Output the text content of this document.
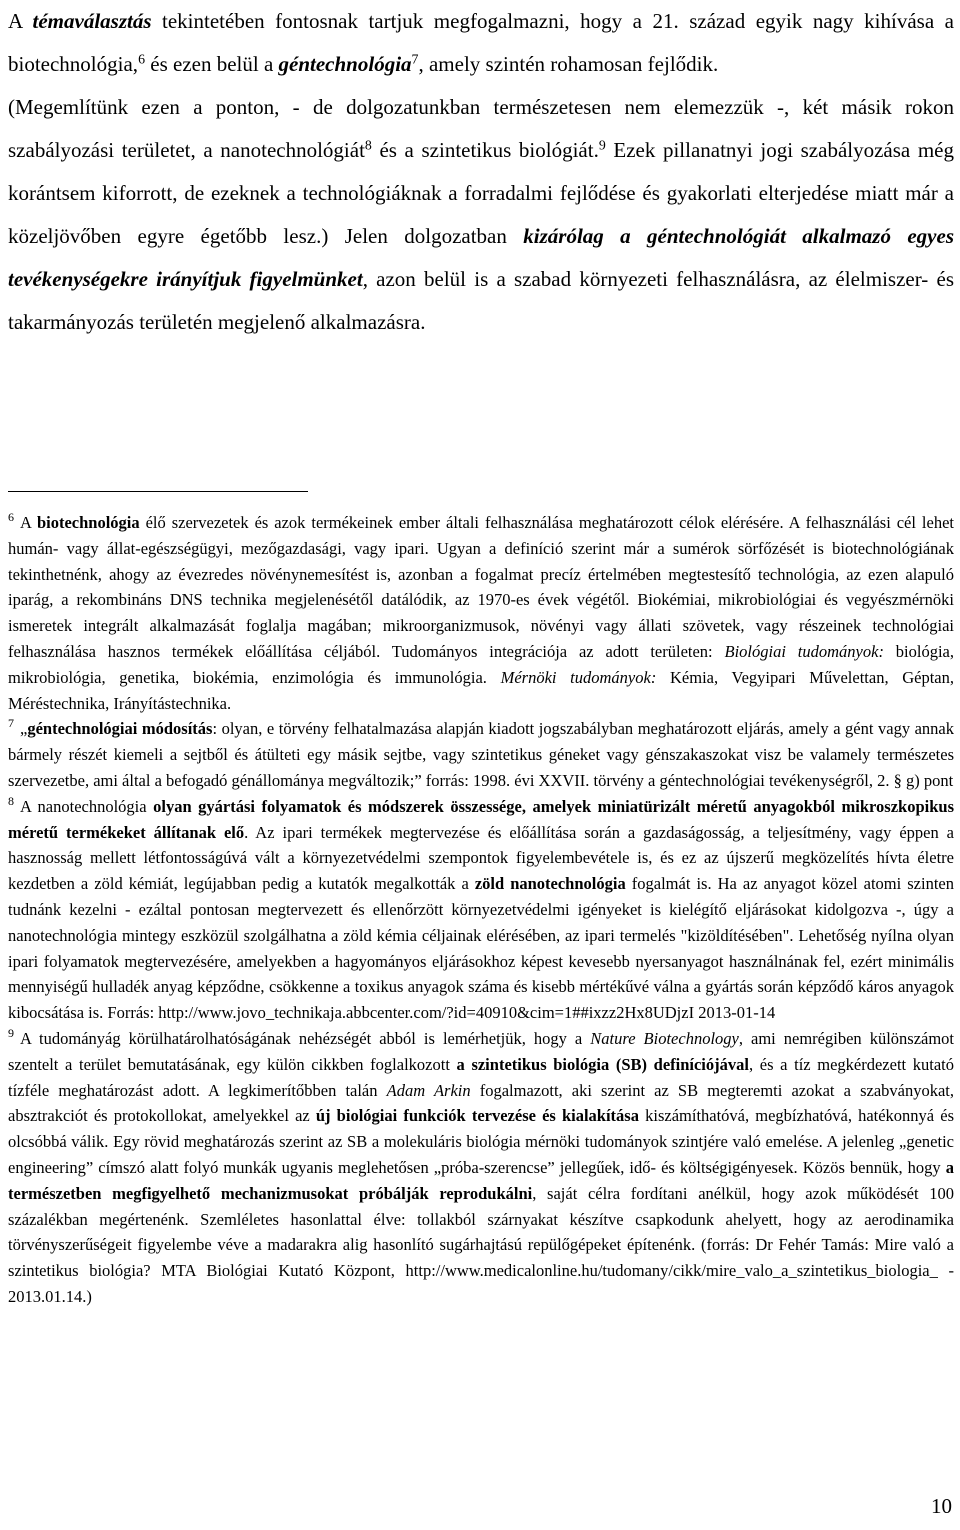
A témaválasztás tekintetében fontosnak tartjuk megfogalmazni, hogy a 21. század egyik nagy kihívása a biotechnológia,$^6$ és ezen belül a géntechnológia$^7$, amely szintén rohamosan fejlődik.

(Megemlítünk ezen a ponton, - de dolgozatunkban természetesen nem elemezzük -, két másik rokon szabályozási területet, a nanotechnológiát$^8$ és a szintetikus biológiát.$^9$ Ezek pillanatnyi jogi szabályozása még korántsem kiforrott, de ezeknek a technológiáknak a forradalmi fejlődése és gyakorlati elterjedése miatt már a közeljövőben egyre égetőbb lesz.) Jelen dolgozatban kizárólag a géntechnológiát alkalmazó egyes tevékenységekre irányítjuk figyelmünket, azon belül is a szabad környezeti felhasználásra, az élelmiszer- és takarmányozás területén megjelenő alkalmazásra.

$^6$ A biotechnológia élő szervezetek és azok termékeinek ember általi felhasználása meghatározott célok elérésére. A felhasználási cél lehet humán- vagy állat-egészségügyi, mezőgazdasági, vagy ipari. Ugyan a definíció szerint már a sumérok sörfőzését is biotechnológiának tekinthetnénk, ahogy az évezredes növénynemesítést is, azonban a fogalmat precíz értelmében megtestesítő technológia, az ezen alapuló iparág, a rekombináns DNS technika megjelenésétől datálódik, az 1970-es évek végétől. Biokémiai, mikrobiológiai és vegyészmérnöki ismeretek integrált alkalmazását foglalja magában; mikroorganizmusok, növényi vagy állati szövetek, vagy részeinek technológiai felhasználása hasznos termékek előállítása céljából. Tudományos integrációja az adott területen: Biológiai tudományok: biológia, mikrobiológia, genetika, biokémia, enzimológia és immunológia. Mérnöki tudományok: Kémia, Vegyipari Művelettan, Géptan, Méréstechnika, Irányítástechnika.

$^7$ „géntechnológiai módosítás: olyan, e törvény felhatalmazása alapján kiadott jogszabályban meghatározott eljárás, amely a gént vagy annak bármely részét kiemeli a sejtből és átülteti egy másik sejtbe, vagy szintetikus géneket vagy génszakaszokat visz be valamely természetes szervezetbe, ami által a befogadó génállománya megváltozik;” forrás: 1998. évi XXVII. törvény a géntechnológiai tevékenységről, 2. § g) pont

$^8$ A nanotechnológia olyan gyártási folyamatok és módszerek összessége, amelyek miniatürizált méretű anyagokból mikroszkopikus méretű termékeket állítanak elő. Az ipari termékek megtervezése és előállítása során a gazdaságosság, a teljesítmény, vagy éppen a hasznosság mellett létfontosságúvá vált a környezetvédelmi szempontok figyelembevétele is, és ez az újszerű megközelítés hívta életre kezdetben a zöld kémiát, legújabban pedig a kutatók megalkották a zöld nanotechnológia fogalmát is. Ha az anyagot közel atomi szinten tudnánk kezelni - ezáltal pontosan megtervezett és ellenőrzött környezetvédelmi igényeket is kielégítő eljárásokat kidolgozva -, úgy a nanotechnológia mintegy eszközül szolgálhatna a zöld kémia céljainak elérésében, az ipari termelés "kizöldítésében". Lehetőség nyílna olyan ipari folyamatok megtervezésére, amelyekben a hagyományos eljárásokhoz képest kevesebb nyersanyagot használnának fel, ezért minimális mennyiségű hulladék anyag képződne, csökkenne a toxikus anyagok száma és kisebb mértékűvé válna a gyártás során képződő káros anyagok kibocsátása is. Forrás: http://www.jovo_technikaja.abbcenter.com/?id=40910&cim=1##ixzz2Hx8UDjzI 2013-01-14

$^9$ A tudományág körülhatárolhatóságának nehézségét abból is lemérhetjük, hogy a Nature Biotechnology, ami nemrégiben különszámot szentelt a terület bemutatásának, egy külön cikkben foglalkozott a szintetikus biológia (SB) definíciójával, és a tíz megkérdezett kutató tízféle meghatározást adott. A legkimerítőbben talán Adam Arkin fogalmazott, aki szerint az SB megteremti azokat a szabványokat, absztrakciót és protokollokat, amelyekkel az új biológiai funkciók tervezése és kialakítása kiszámíthatóvá, megbízhatóvá, hatékonnyá és olcsóbbá válik. Egy rövid meghatározás szerint az SB a molekuláris biológia mérnöki tudományok szintjére való emelése. A jelenleg „genetic engineering” címszó alatt folyó munkák ugyanis meglehetősen „próba-szerencse” jellegűek, idő- és költségigényesek. Közös bennük, hogy a természetben megfigyelhető mechanizmusokat próbálják reprodukálni, saját célra fordítani anélkül, hogy azok működését 100 százalékban megértenénk. Szemléletes hasonlattal élve: tollakból szárnyakat készítve csapkodunk ahelyett, hogy az aerodinamika törvényszerűségeit figyelembe véve a madarakra alig hasonlító sugárhajtású repülőgépeket építenénk. (forrás: Dr Fehér Tamás: Mire való a szintetikus biológia? MTA Biológiai Kutató Központ, http://www.medicalonline.hu/tudomany/cikk/mire_valo_a_szintetikus_biologia_ - 2013.01.14.)

10
